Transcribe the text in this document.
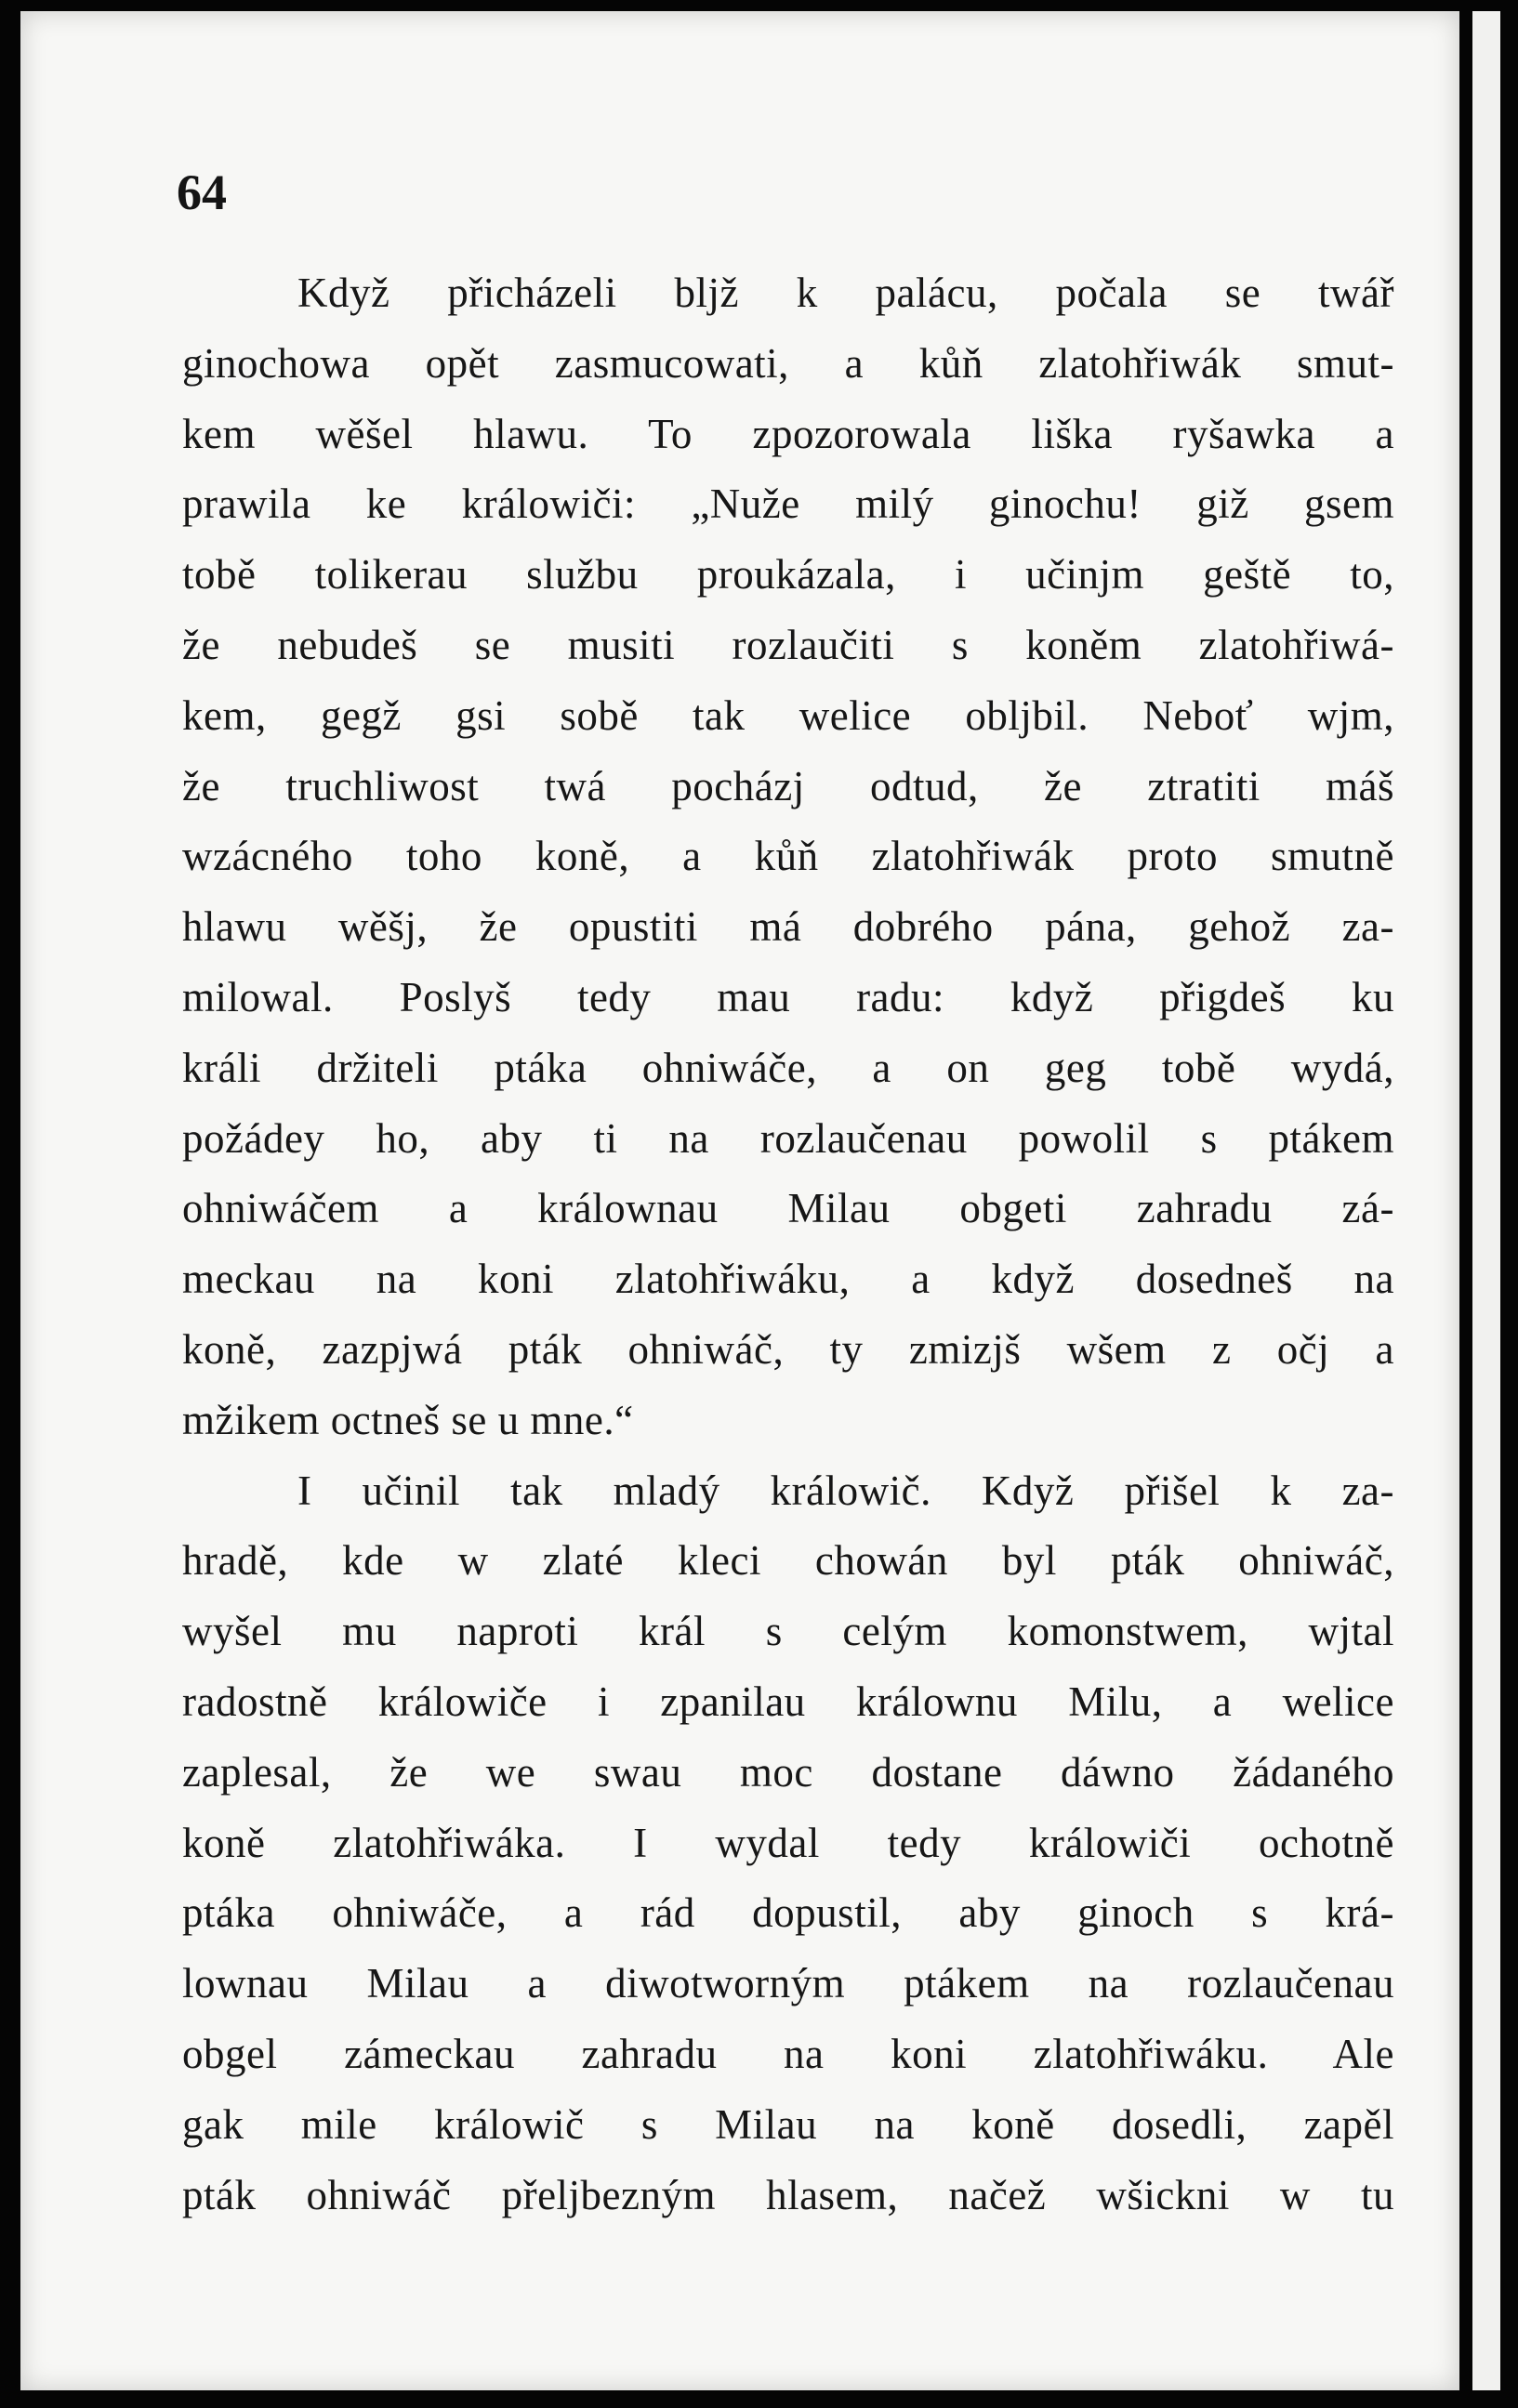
64
Když přicházeli bljž k palácu, počala se twář
ginochowa opět zasmucowati, a kůň zlatohřiwák smut-
kem wěšel hlawu. To zpozorowala liška ryšawka a
prawila ke králowiči: „Nuže milý ginochu! giž gsem
tobě tolikerau službu proukázala, i učinjm geště to,
že nebudeš se musiti rozlaučiti s koněm zlatohřiwá-
kem, gegž gsi sobě tak welice obljbil. Neboť wjm,
že truchliwost twá pocházj odtud, že ztratiti máš
wzácného toho koně, a kůň zlatohřiwák proto smutně
hlawu wěšj, že opustiti má dobrého pána, gehož za-
milowal. Poslyš tedy mau radu: když přigdeš ku
králi držiteli ptáka ohniwáče, a on geg tobě wydá,
požádey ho, aby ti na rozlaučenau powolil s ptákem
ohniwáčem a králownau Milau obgeti zahradu zá-
meckau na koni zlatohřiwáku, a když dosedneš na
koně, zazpjwá pták ohniwáč, ty zmizjš wšem z očj a
mžikem octneš se u mne.“
I učinil tak mladý králowič. Když přišel k za-
hradě, kde w zlaté kleci chowán byl pták ohniwáč,
wyšel mu naproti král s celým komonstwem, wjtal
radostně králowiče i zpanilau králownu Milu, a welice
zaplesal, že we swau moc dostane dáwno žádaného
koně zlatohřiwáka. I wydal tedy králowiči ochotně
ptáka ohniwáče, a rád dopustil, aby ginoch s krá-
lownau Milau a diwotworným ptákem na rozlaučenau
obgel zámeckau zahradu na koni zlatohřiwáku. Ale
gak mile králowič s Milau na koně dosedli, zapěl
pták ohniwáč přeljbezným hlasem, načež wšickni w tu
